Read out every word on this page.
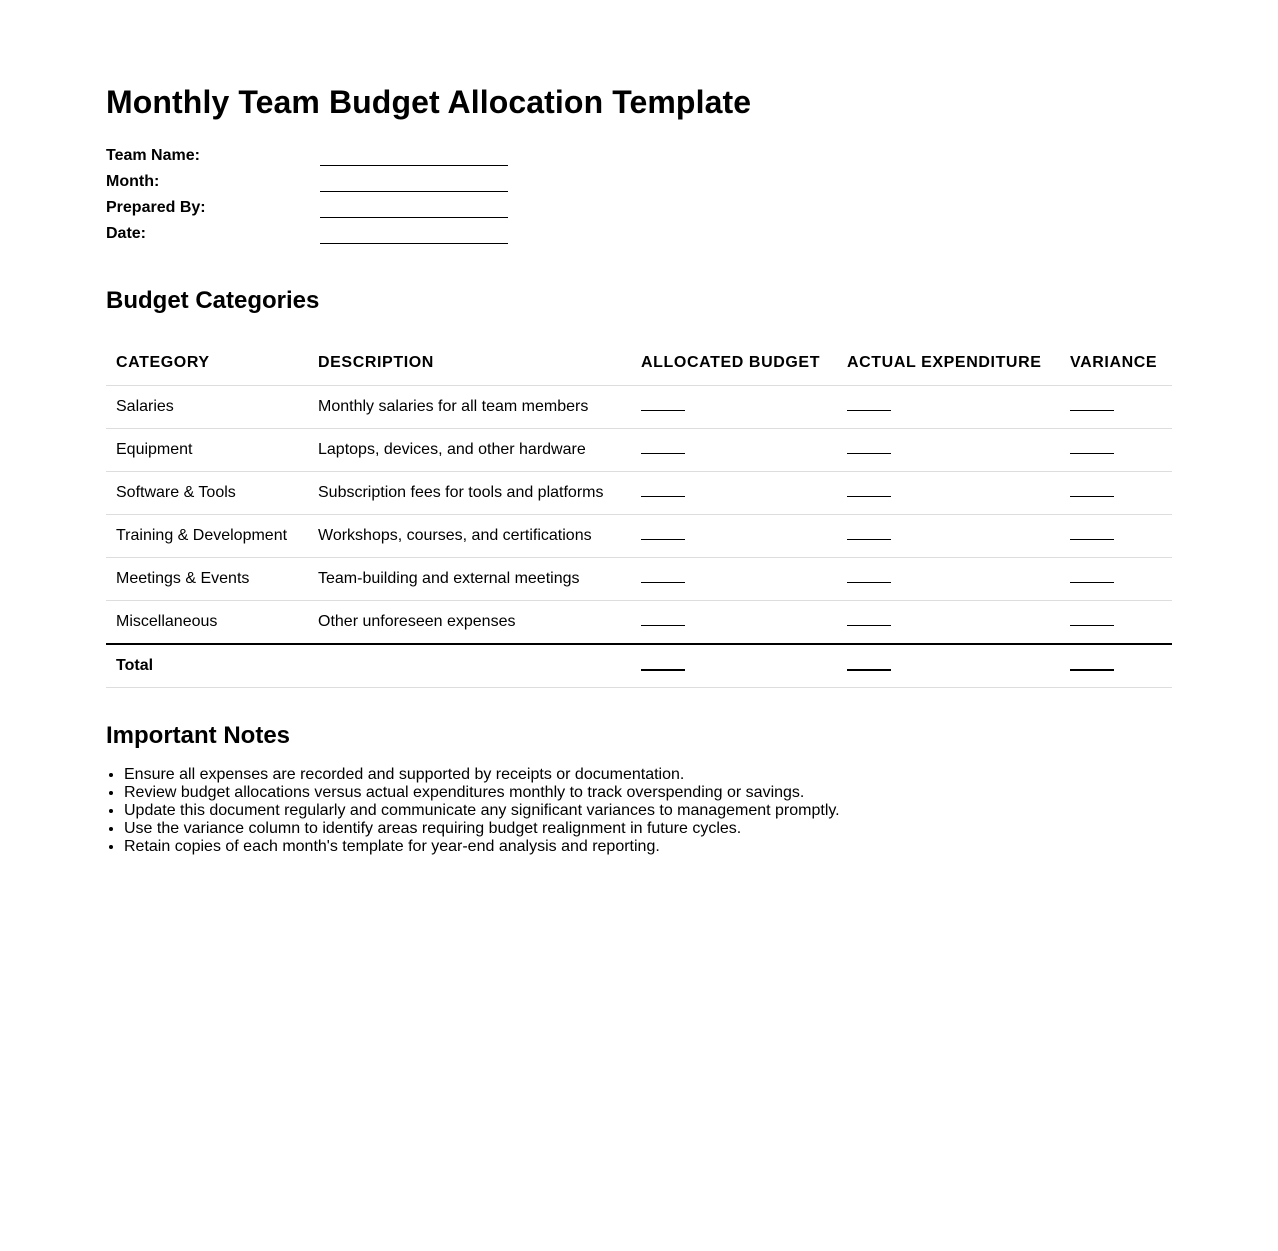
Monthly Team Budget Allocation Template
Team Name:
Month:
Prepared By:
Date:
Budget Categories
CATEGORY	DESCRIPTION	ALLOCATED BUDGET	ACTUAL EXPENDITURE	VARIANCE
Salaries	Monthly salaries for all team members			
Equipment	Laptops, devices, and other hardware			
Software & Tools	Subscription fees for tools and platforms			
Training & Development	Workshops, courses, and certifications			
Meetings & Events	Team-building and external meetings			
Miscellaneous	Other unforeseen expenses			
Total				
Important Notes
• Ensure all expenses are recorded and supported by receipts or documentation.
• Review budget allocations versus actual expenditures monthly to track overspending or savings.
• Update this document regularly and communicate any significant variances to management promptly.
• Use the variance column to identify areas requiring budget realignment in future cycles.
• Retain copies of each month's template for year-end analysis and reporting.
